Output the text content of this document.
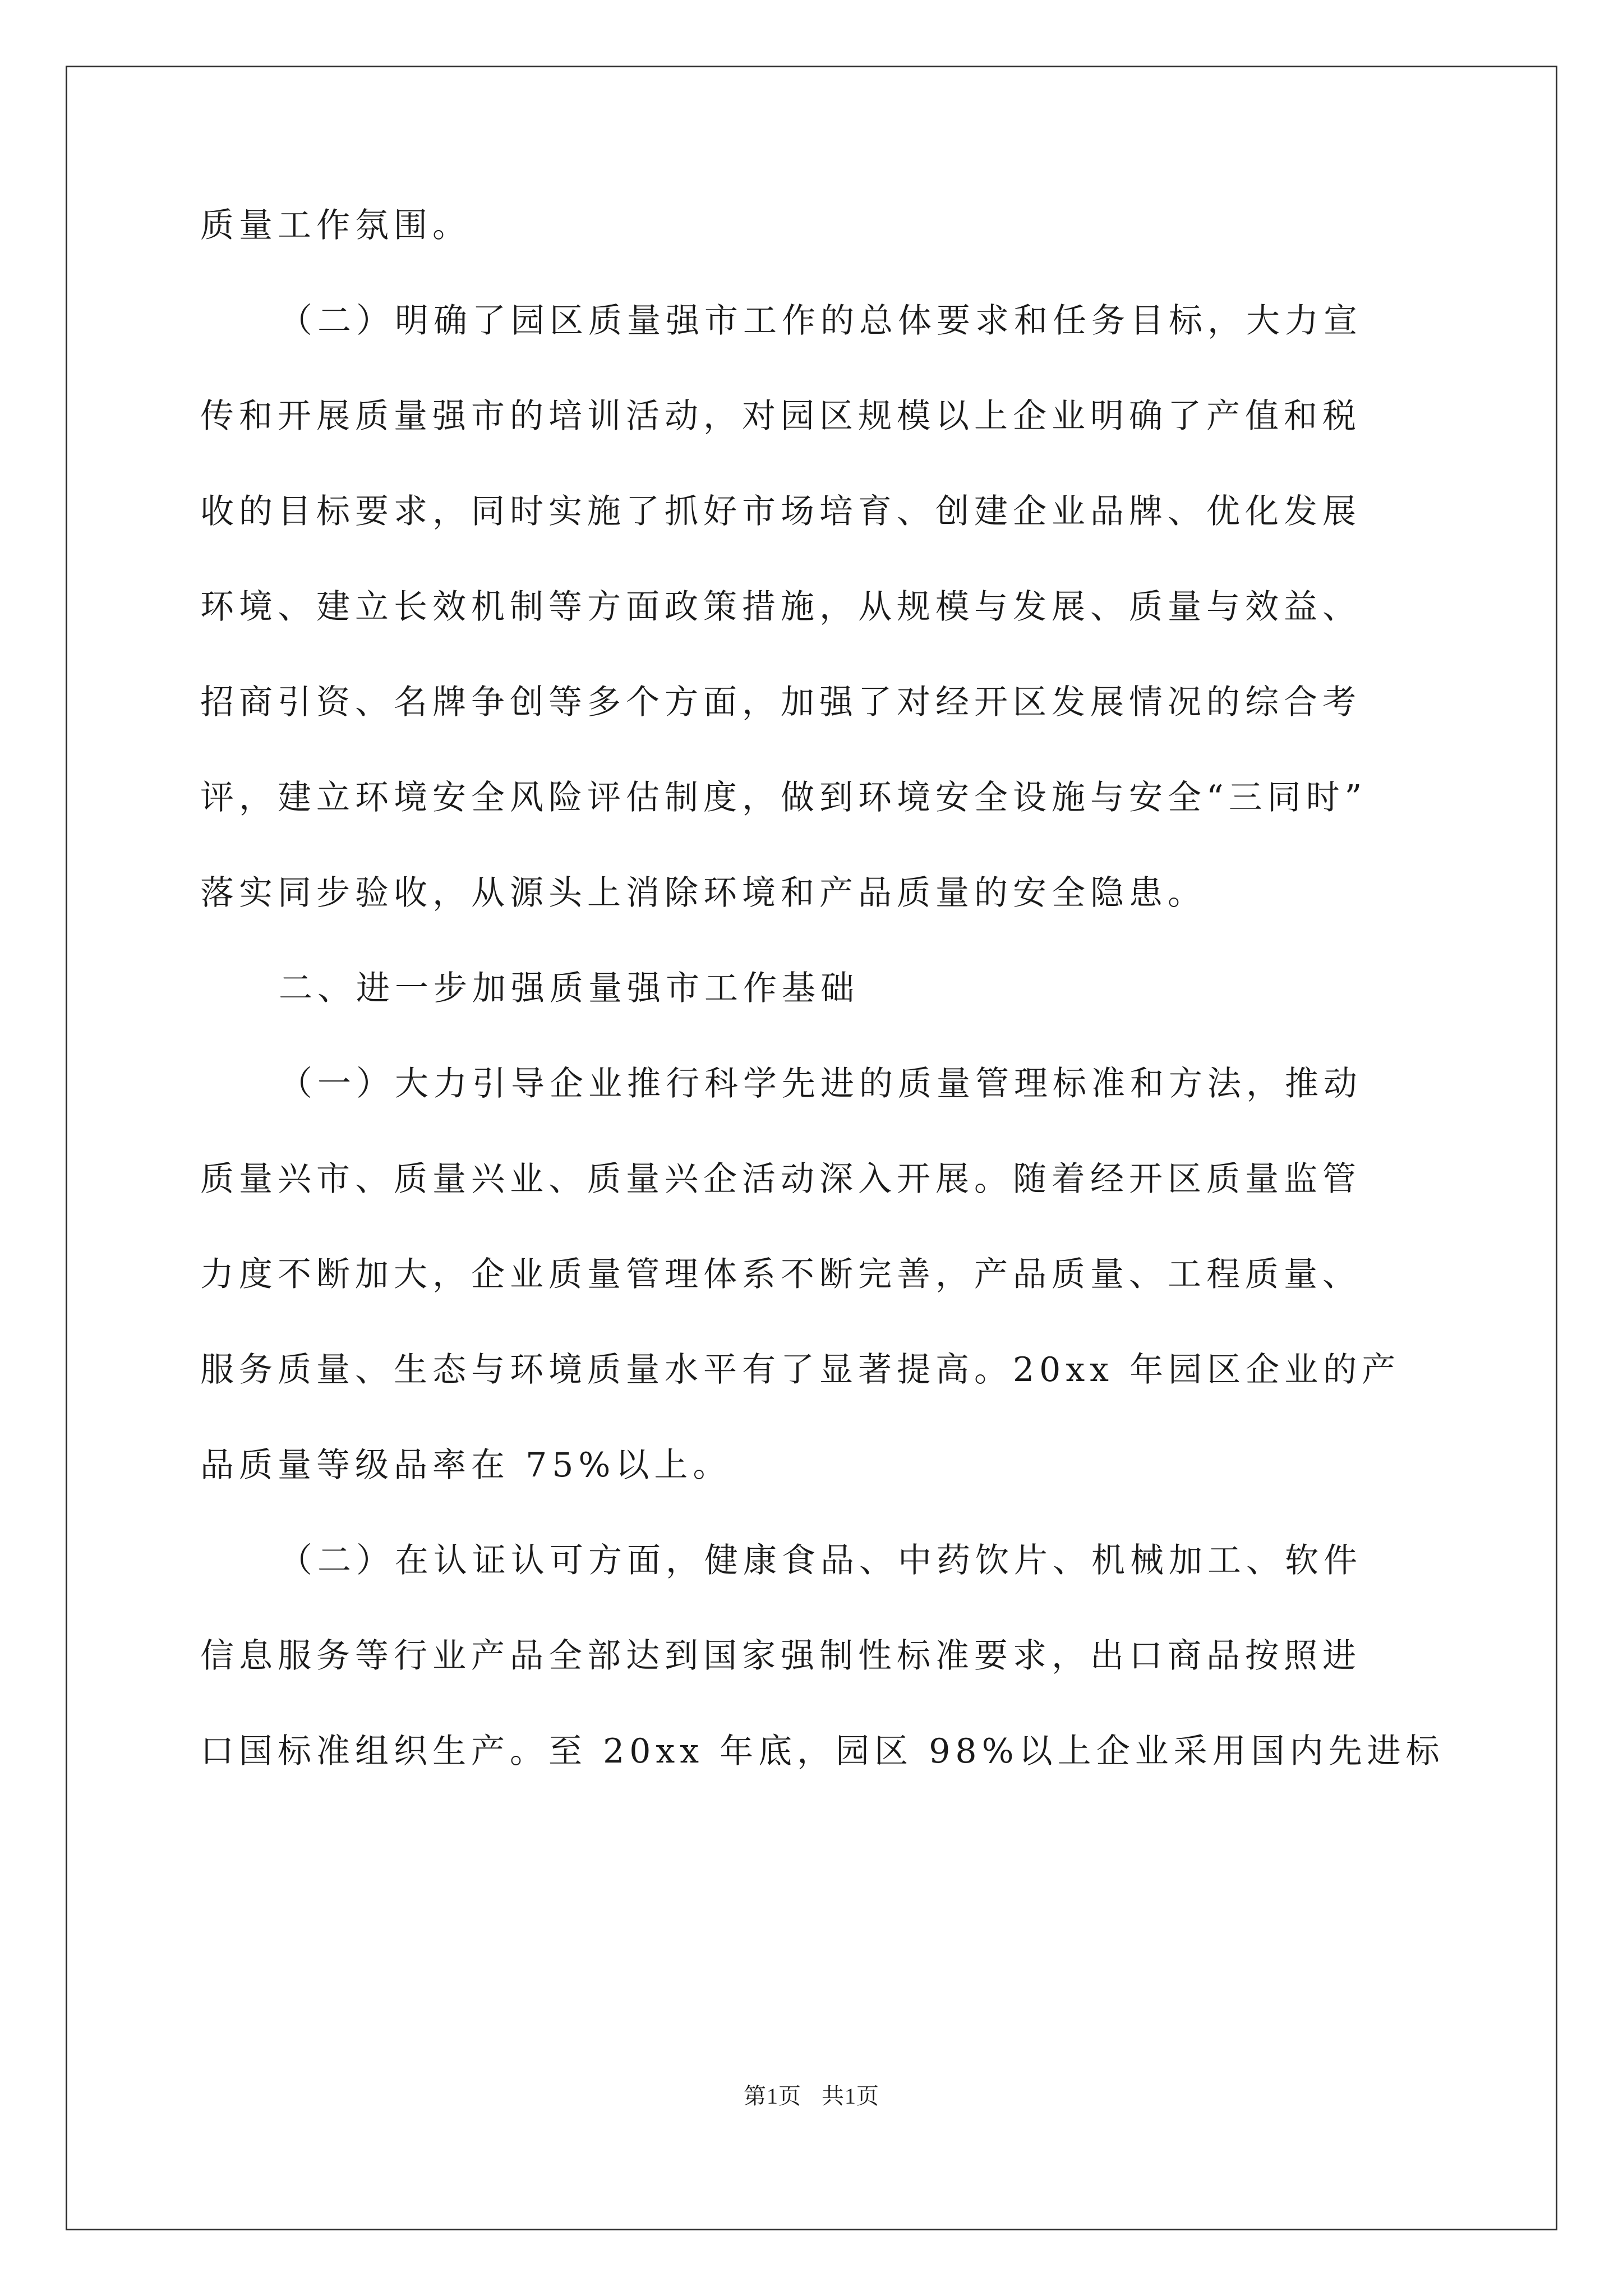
质量工作氛围。
（二）明确了园区质量强市工作的总体要求和任务目标，大力宣
传和开展质量强市的培训活动，对园区规模以上企业明确了产值和税
收的目标要求，同时实施了抓好市场培育、创建企业品牌、优化发展
环境、建立长效机制等方面政策措施，从规模与发展、质量与效益、
招商引资、名牌争创等多个方面，加强了对经开区发展情况的综合考
评，建立环境安全风险评估制度，做到环境安全设施与安全“三同时”
落实同步验收，从源头上消除环境和产品质量的安全隐患。
二、进一步加强质量强市工作基础
（一）大力引导企业推行科学先进的质量管理标准和方法，推动
质量兴市、质量兴业、质量兴企活动深入开展。随着经开区质量监管
力度不断加大，企业质量管理体系不断完善，产品质量、工程质量、
服务质量、生态与环境质量水平有了显著提高。20xx 年园区企业的产
品质量等级品率在 75%以上。
（二）在认证认可方面，健康食品、中药饮片、机械加工、软件
信息服务等行业产品全部达到国家强制性标准要求，出口商品按照进
口国标准组织生产。至 20xx 年底，园区 98%以上企业采用国内先进标
第1页 共1页
